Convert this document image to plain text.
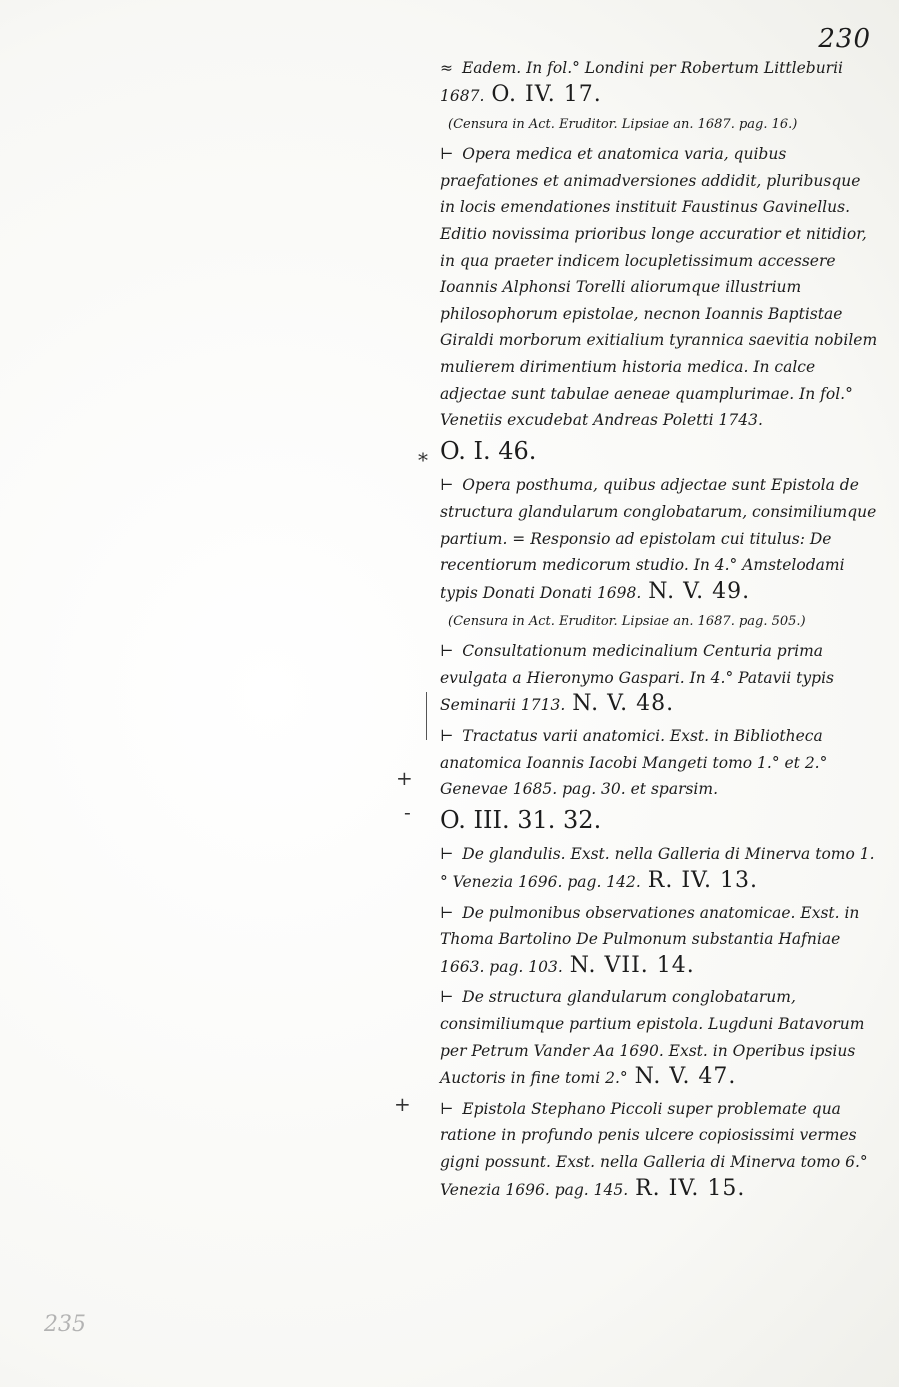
230
*
+
-
+

≈ Eadem. In fol.° Londini per Robertum Littleburii 1687. O. IV. 17.

(Censura in Act. Eruditor. Lipsiae an. 1687. pag. 16.)

⊢ Opera medica et anatomica varia, quibus praefationes et animadversiones addidit, pluribusque in locis emendationes instituit Faustinus Gavinellus. Editio novissima prioribus longe accuratior et nitidior, in qua praeter indicem locupletissimum accessere Ioannis Alphonsi Torelli aliorumque illustrium philosophorum epistolae, necnon Ioannis Baptistae Giraldi morborum exitialium tyrannica saevitia nobilem mulierem dirimentium historia medica. In calce adjectae sunt tabulae aeneae quamplurimae. In fol.° Venetiis excudebat Andreas Poletti 1743.

O. I. 46.

⊢ Opera posthuma, quibus adjectae sunt Epistola de structura glandularum conglobatarum, consimiliumque partium. = Responsio ad epistolam cui titulus: De recentiorum medicorum studio. In 4.° Amstelodami typis Donati Donati 1698. N. V. 49.

(Censura in Act. Eruditor. Lipsiae an. 1687. pag. 505.)

⊢ Consultationum medicinalium Centuria prima evulgata a Hieronymo Gaspari. In 4.° Patavii typis Seminarii 1713. N. V. 48.

⊢ Tractatus varii anatomici. Exst. in Bibliotheca anatomica Ioannis Iacobi Mangeti tomo 1.° et 2.° Genevae 1685. pag. 30. et sparsim.

O. III. 31. 32.

⊢ De glandulis. Exst. nella Galleria di Minerva tomo 1.° Venezia 1696. pag. 142. R. IV. 13.

⊢ De pulmonibus observationes anatomicae. Exst. in Thoma Bartolino De Pulmonum substantia Hafniae 1663. pag. 103. N. VII. 14.

⊢ De structura glandularum conglobatarum, consimiliumque partium epistola. Lugduni Batavorum per Petrum Vander Aa 1690. Exst. in Operibus ipsius Auctoris in fine tomi 2.° N. V. 47.

⊢ Epistola Stephano Piccoli super problemate qua ratione in profundo penis ulcere copiosissimi vermes gigni possunt. Exst. nella Galleria di Minerva tomo 6.° Venezia 1696. pag. 145. R. IV. 15.

235
